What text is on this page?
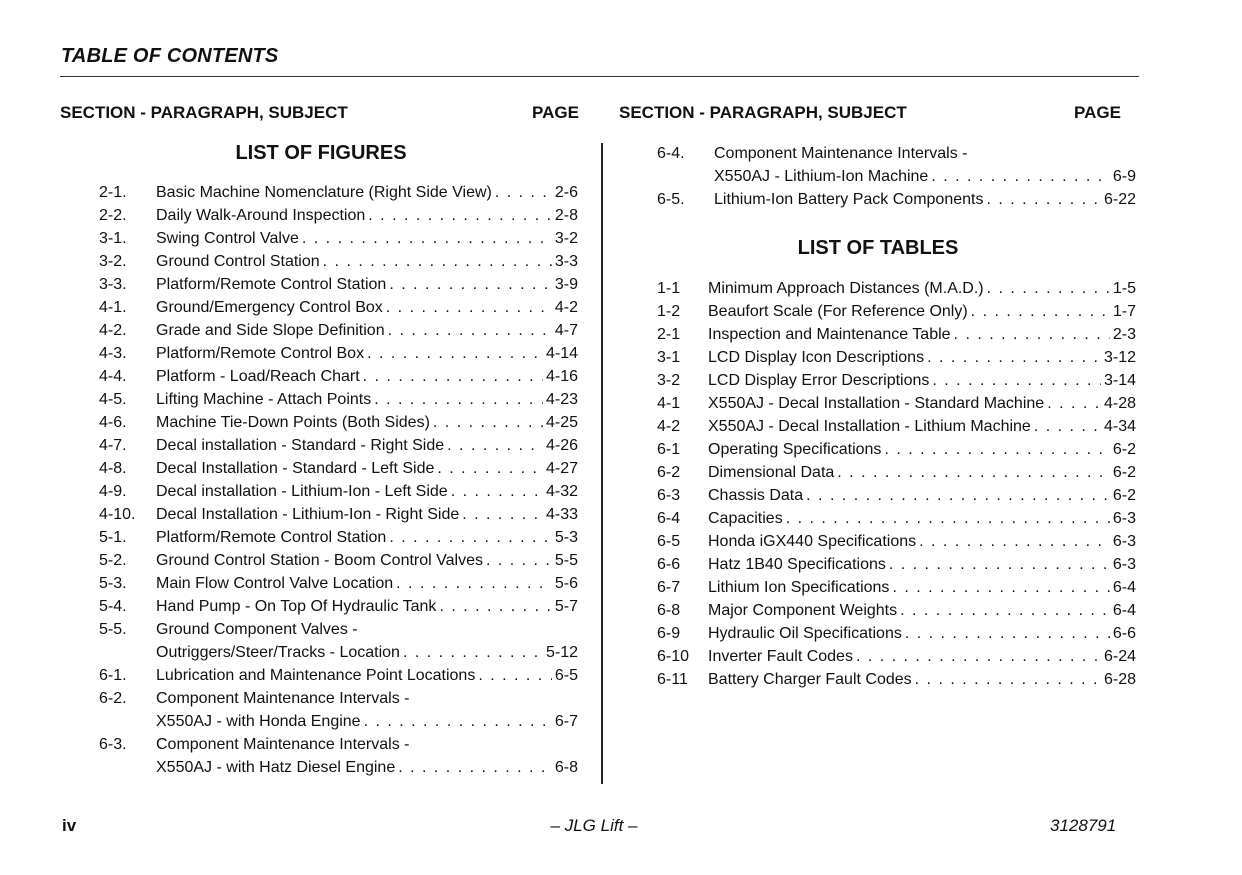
TABLE OF CONTENTS
SECTION - PARAGRAPH, SUBJECT	PAGE SECTION - PARAGRAPH, SUBJECT	PAGE
LIST OF FIGURES
2-1. Basic Machine Nomenclature (Right Side View) . . .	2-6
2-2. Daily Walk-Around Inspection . . .	2-8
3-1. Swing Control Valve . . .	3-2
3-2. Ground Control Station . . .	3-3
3-3. Platform/Remote Control Station . . .	3-9
4-1. Ground/Emergency Control Box . . .	4-2
4-2. Grade and Side Slope Definition . . .	4-7
4-3. Platform/Remote Control Box . . .	4-14
4-4. Platform - Load/Reach Chart . . .	4-16
4-5. Lifting Machine - Attach Points . . .	4-23
4-6. Machine Tie-Down Points (Both Sides) . . .	4-25
4-7. Decal installation - Standard - Right Side . . .	4-26
4-8. Decal Installation - Standard - Left Side . . .	4-27
4-9. Decal installation - Lithium-Ion - Left Side . . .	4-32
4-10. Decal Installation - Lithium-Ion - Right Side . . .	4-33
5-1. Platform/Remote Control Station . . .	5-3
5-2. Ground Control Station - Boom Control Valves . . .	5-5
5-3. Main Flow Control Valve Location . . .	5-6
5-4. Hand Pump - On Top Of Hydraulic Tank . . .	5-7
5-5. Ground Component Valves -
Outriggers/Steer/Tracks - Location . . .	5-12
6-1. Lubrication and Maintenance Point Locations . . .	6-5
6-2. Component Maintenance Intervals -
X550AJ - with Honda Engine . . .	6-7
6-3. Component Maintenance Intervals -
X550AJ - with Hatz Diesel Engine . . .	6-8
6-4. Component Maintenance Intervals -
X550AJ - Lithium-Ion Machine . . .	6-9
6-5. Lithium-Ion Battery Pack Components . . .	6-22
LIST OF TABLES
1-1 Minimum Approach Distances (M.A.D.) . . .	1-5
1-2 Beaufort Scale (For Reference Only) . . .	1-7
2-1 Inspection and Maintenance Table . . .	2-3
3-1 LCD Display Icon Descriptions . . .	3-12
3-2 LCD Display Error Descriptions . . .	3-14
4-1 X550AJ - Decal Installation - Standard Machine . . .	4-28
4-2 X550AJ - Decal Installation - Lithium Machine . . .	4-34
6-1 Operating Specifications . . .	6-2
6-2 Dimensional Data . . .	6-2
6-3 Chassis Data . . .	6-2
6-4 Capacities . . .	6-3
6-5 Honda iGX440 Specifications . . .	6-3
6-6 Hatz 1B40 Specifications . . .	6-3
6-7 Lithium Ion Specifications . . .	6-4
6-8 Major Component Weights . . .	6-4
6-9 Hydraulic Oil Specifications . . .	6-6
6-10 Inverter Fault Codes . . .	6-24
6-11 Battery Charger Fault Codes . . .	6-28
iv	– JLG Lift –	3128791
